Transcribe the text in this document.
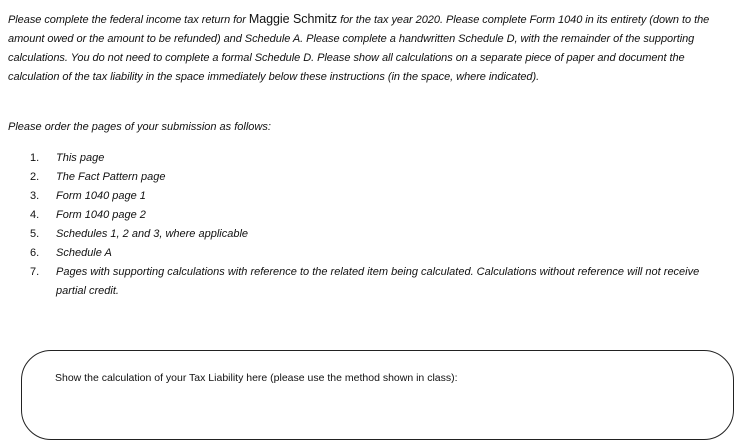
Please complete the federal income tax return for Maggie Schmitz for the tax year 2020. Please complete Form 1040 in its entirety (down to the amount owed or the amount to be refunded) and Schedule A. Please complete a handwritten Schedule D, with the remainder of the supporting calculations. You do not need to complete a formal Schedule D. Please show all calculations on a separate piece of paper and document the calculation of the tax liability in the space immediately below these instructions (in the space, where indicated).
Please order the pages of your submission as follows:
1.	This page
2.	The Fact Pattern page
3.	Form 1040 page 1
4.	Form 1040 page 2
5.	Schedules 1, 2 and 3, where applicable
6.	Schedule A
7.	Pages with supporting calculations with reference to the related item being calculated. Calculations without reference will not receive partial credit.
Show the calculation of your Tax Liability here (please use the method shown in class):
